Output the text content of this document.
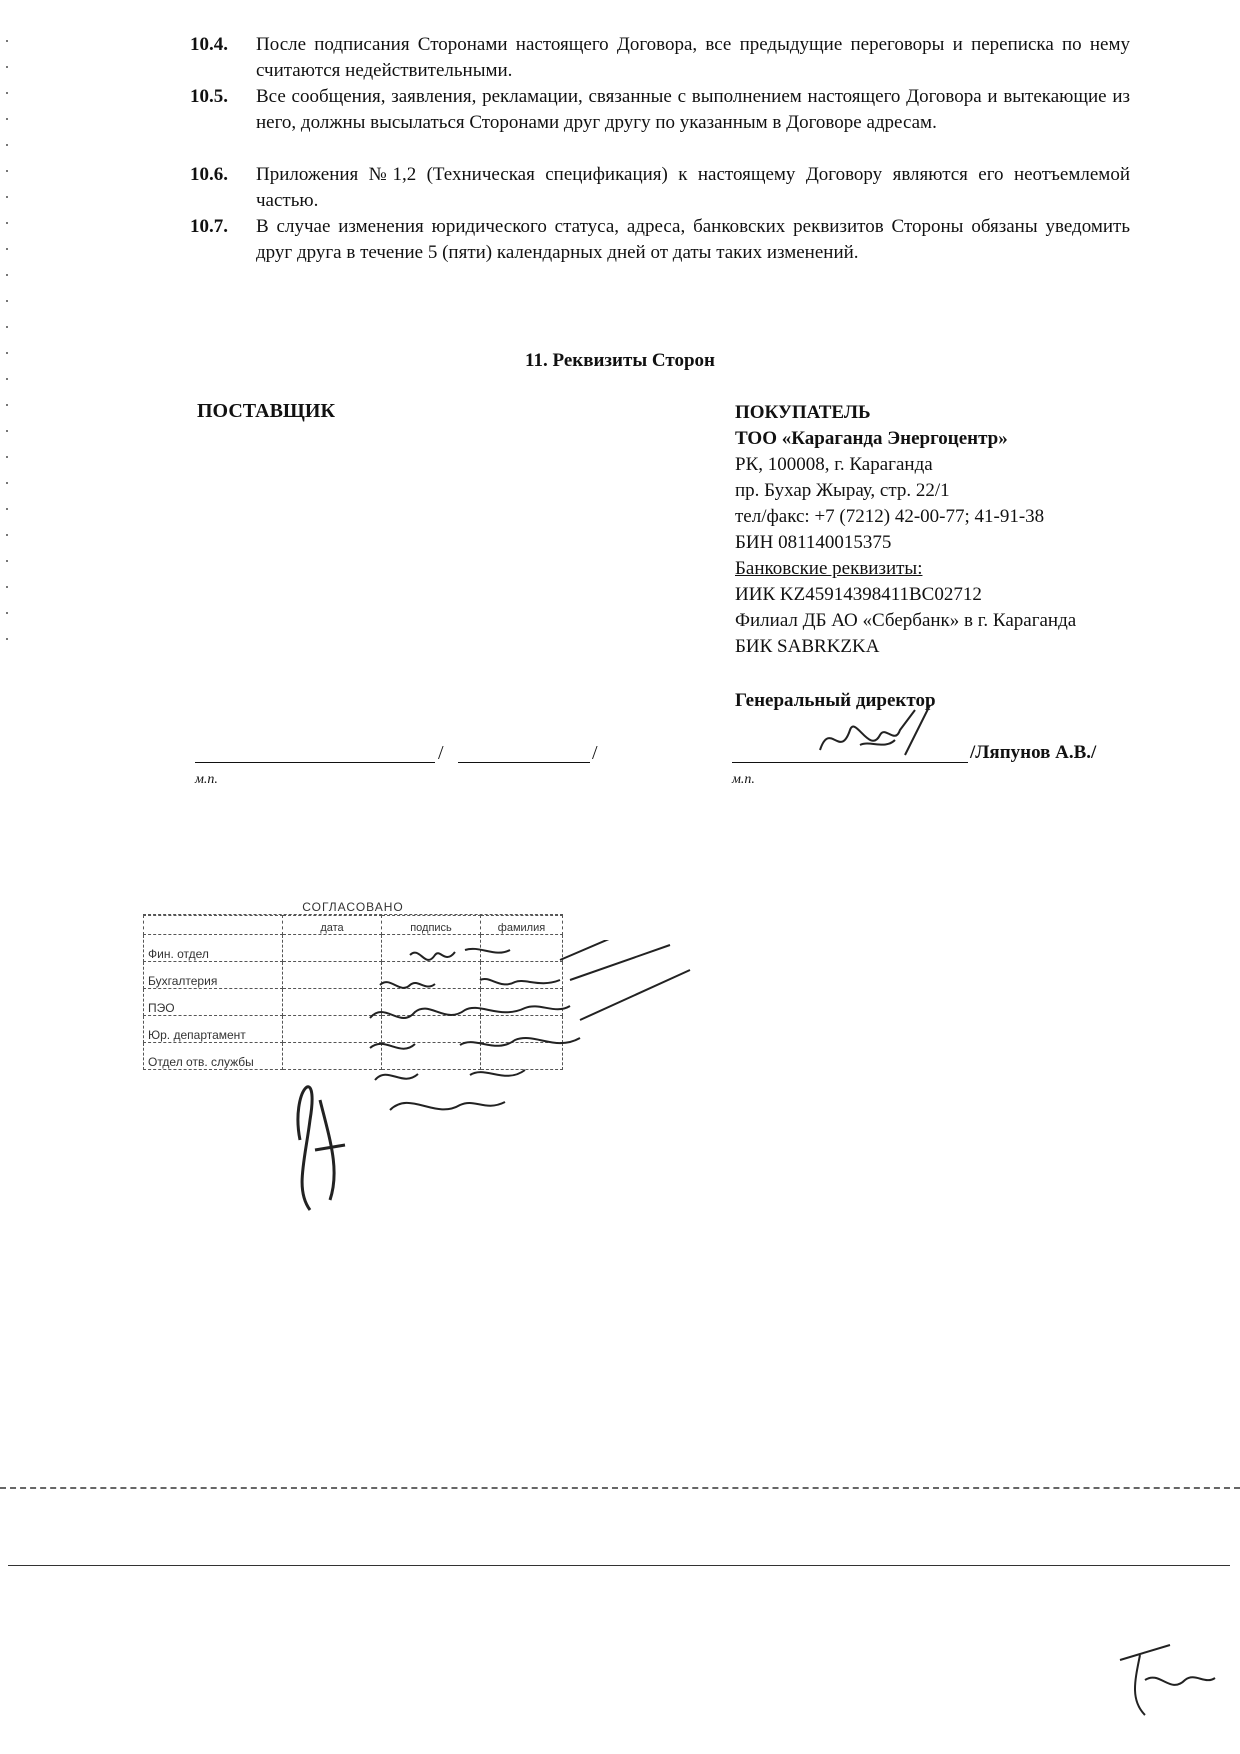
10.4. После подписания Сторонами настоящего Договора, все предыдущие переговоры и переписка по нему считаются недействительными.
10.5. Все сообщения, заявления, рекламации, связанные с выполнением настоящего Договора и вытекающие из него, должны высылаться Сторонами друг другу по указанным в Договоре адресам.
10.6. Приложения №1,2 (Техническая спецификация) к настоящему Договору являются его неотъемлемой частью.
10.7. В случае изменения юридического статуса, адреса, банковских реквизитов Стороны обязаны уведомить друг друга в течение 5 (пяти) календарных дней от даты таких изменений.
11. Реквизиты Сторон
ПОСТАВЩИК
/	/
м.п.
ПОКУПАТЕЛЬ
ТОО «Караганда Энергоцентр»
РК, 100008, г. Караганда
пр. Бухар Жырау, стр. 22/1
тел/факс: +7 (7212) 42-00-77; 41-91-38
БИН 081140015375
Банковские реквизиты:
ИИК KZ45914398411BC02712
Филиал ДБ АО «Сбербанк» в г. Караганда
БИК SABRKZKA
Генеральный директор
/Ляпунов А.В./
м.п.
СОГЛАСОВАНО
	дата	подпись	фамилия
Фин. отдел			
Бухгалтерия			
ПЭО			
Юр. департамент			
Отдел отв. службы			
